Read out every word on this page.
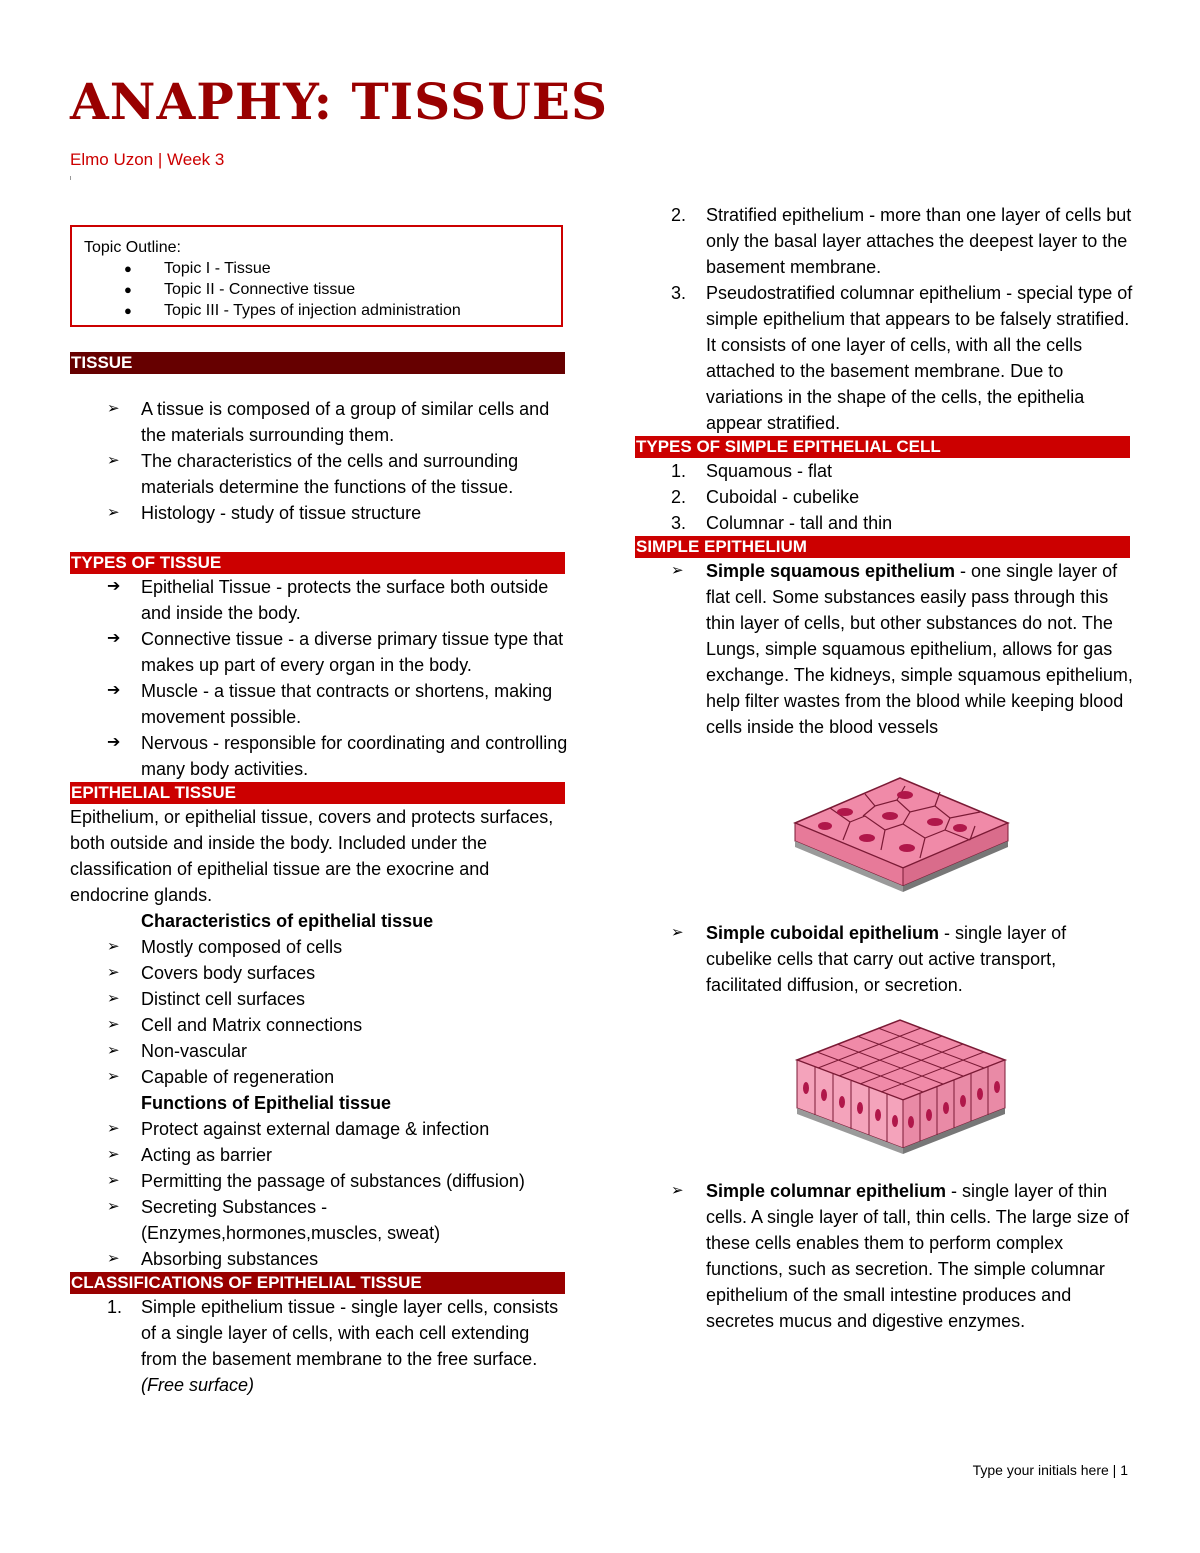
ANAPHY: TISSUES
Elmo Uzon | Week 3
Topic Outline:
● Topic I - Tissue
● Topic II - Connective tissue
● Topic III - Types of injection administration
TISSUE

➢ A tissue is composed of a group of similar cells and the materials surrounding them.

➢ The characteristics of the cells and surrounding materials determine the functions of the tissue.

➢ Histology - study of tissue structure

TYPES OF TISSUE

➔ Epithelial Tissue - protects the surface both outside and inside the body.

➔ Connective tissue - a diverse primary tissue type that makes up part of every organ in the body.

➔ Muscle - a tissue that contracts or shortens, making movement possible.

➔ Nervous - responsible for coordinating and controlling many body activities.

EPITHELIAL TISSUE

Epithelium, or epithelial tissue, covers and protects surfaces, both outside and inside the body. Included under the classification of epithelial tissue are the exocrine and endocrine glands.

Characteristics of epithelial tissue

➢ Mostly composed of cells

➢ Covers body surfaces

➢ Distinct cell surfaces

➢ Cell and Matrix connections

➢ Non-vascular

➢ Capable of regeneration

Functions of Epithelial tissue

➢ Protect against external damage & infection

➢ Acting as barrier

➢ Permitting the passage of substances (diffusion)

➢ Secreting Substances - (Enzymes,hormones,muscles, sweat)

➢ Absorbing substances

CLASSIFICATIONS OF EPITHELIAL TISSUE

1. Simple epithelium tissue - single layer cells, consists of a single layer of cells, with each cell extending from the basement membrane to the free surface. (Free surface)

2. Stratified epithelium - more than one layer of cells but only the basal layer attaches the deepest layer to the basement membrane.

3. Pseudostratified columnar epithelium - special type of simple epithelium that appears to be falsely stratified. It consists of one layer of cells, with all the cells attached to the basement membrane. Due to variations in the shape of the cells, the epithelia appear stratified.

TYPES OF SIMPLE EPITHELIAL CELL

1. Squamous - flat

2. Cuboidal - cubelike

3. Columnar - tall and thin

SIMPLE EPITHELIUM

➢ Simple squamous epithelium - one single layer of flat cell. Some substances easily pass through this thin layer of cells, but other substances do not. The Lungs, simple squamous epithelium, allows for gas exchange. The kidneys, simple squamous epithelium, help filter wastes from the blood while keeping blood cells inside the blood vessels

➢ Simple cuboidal epithelium - single layer of cubelike cells that carry out active transport, facilitated diffusion, or secretion.

➢ Simple columnar epithelium - single layer of thin cells. A single layer of tall, thin cells. The large size of these cells enables them to perform complex functions, such as secretion. The simple columnar epithelium of the small intestine produces and secretes mucus and digestive enzymes.

Type your initials here | 1
